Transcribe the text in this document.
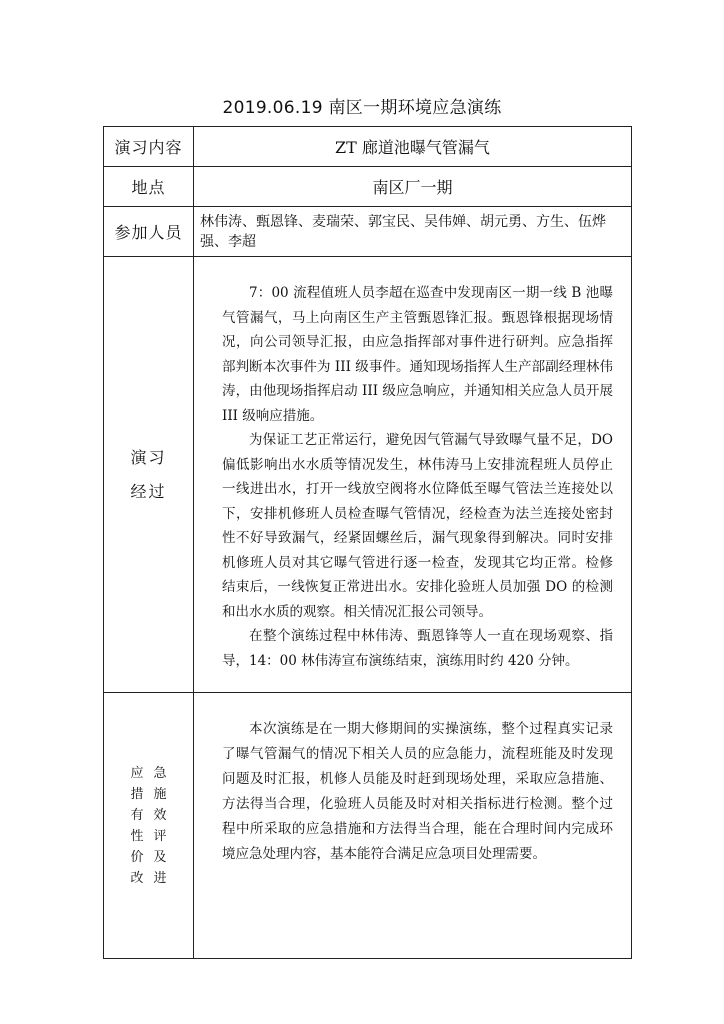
2019.06.19 南区一期环境应急演练
演习内容	ZT 廊道池曝气管漏气
地点	南区厂一期
参加人员	林伟涛、甄恩锋、麦瑞荣、郭宝民、吴伟婵、胡元勇、方生、伍烨强、李超
演习经过	7：00 流程值班人员李超在巡查中发现南区一期一线 B 池曝气管漏气，马上向南区生产主管甄恩锋汇报。甄恩锋根据现场情况，向公司领导汇报，由应急指挥部对事件进行研判。应急指挥部判断本次事件为 III 级事件。通知现场指挥人生产部副经理林伟涛，由他现场指挥启动 III 级应急响应，并通知相关应急人员开展 III 级响应措施。

为保证工艺正常运行，避免因气管漏气导致曝气量不足，DO 偏低影响出水水质等情况发生，林伟涛马上安排流程班人员停止一线进出水，打开一线放空阀将水位降低至曝气管法兰连接处以下，安排机修班人员检查曝气管情况，经检查为法兰连接处密封性不好导致漏气，经紧固螺丝后，漏气现象得到解决。同时安排机修班人员对其它曝气管进行逐一检查，发现其它均正常。检修结束后，一线恢复正常进出水。安排化验班人员加强 DO 的检测和出水水质的观察。相关情况汇报公司领导。

在整个演练过程中林伟涛、甄恩锋等人一直在现场观察、指导，14：00 林伟涛宣布演练结束，演练用时约 420 分钟。

应急措施有效性评价及改进	本次演练是在一期大修期间的实操演练，整个过程真实记录了曝气管漏气的情况下相关人员的应急能力，流程班能及时发现问题及时汇报，机修人员能及时赶到现场处理，采取应急措施、方法得当合理，化验班人员能及时对相关指标进行检测。整个过程中所采取的应急措施和方法得当合理，能在合理时间内完成环境应急处理内容，基本能符合满足应急项目处理需要。
